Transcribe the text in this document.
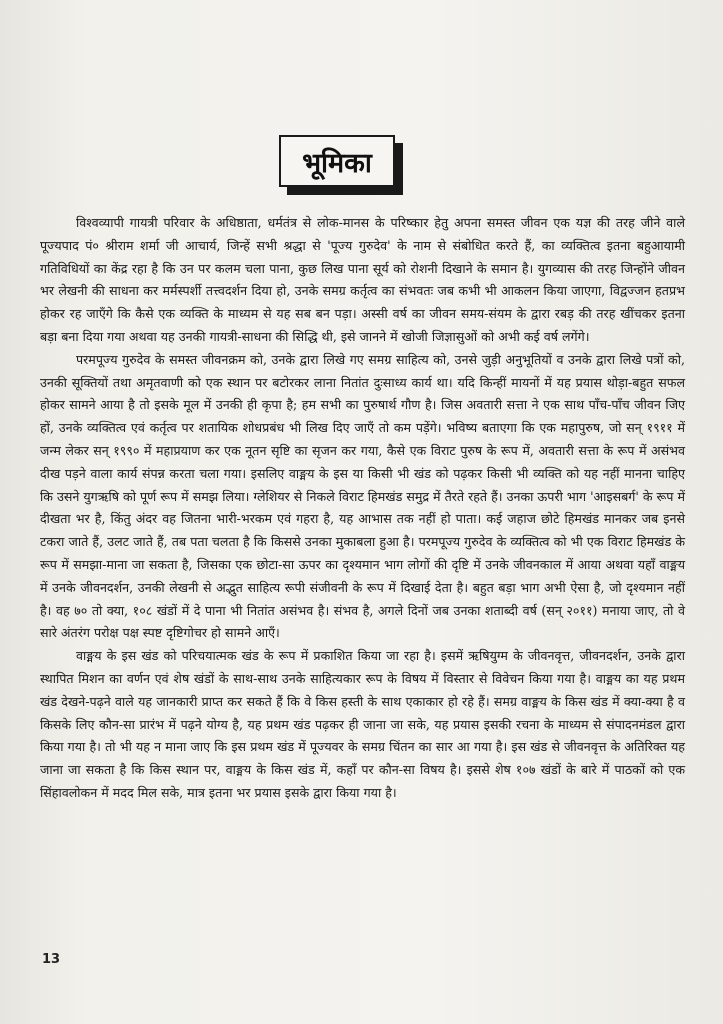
भूमिका

विश्वव्यापी गायत्री परिवार के अधिष्ठाता, धर्मतंत्र से लोक-मानस के परिष्कार हेतु अपना समस्त जीवन एक यज्ञ की तरह जीने वाले पूज्यपाद पं० श्रीराम शर्मा जी आचार्य, जिन्हें सभी श्रद्धा से 'पूज्य गुरुदेव' के नाम से संबोधित करते हैं, का व्यक्तित्व इतना बहुआयामी गतिविधियों का केंद्र रहा है कि उन पर कलम चला पाना, कुछ लिख पाना सूर्य को रोशनी दिखाने के समान है। युगव्यास की तरह जिन्होंने जीवन भर लेखनी की साधना कर मर्मस्पर्शी तत्त्वदर्शन दिया हो, उनके समग्र कर्तृत्व का संभवतः जब कभी भी आकलन किया जाएगा, विद्वज्जन हतप्रभ होकर रह जाएँगे कि कैसे एक व्यक्ति के माध्यम से यह सब बन पड़ा। अस्सी वर्ष का जीवन समय-संयम के द्वारा रबड़ की तरह खींचकर इतना बड़ा बना दिया गया अथवा यह उनकी गायत्री-साधना की सिद्धि थी, इसे जानने में खोजी जिज्ञासुओं को अभी कई वर्ष लगेंगे।

परमपूज्य गुरुदेव के समस्त जीवनक्रम को, उनके द्वारा लिखे गए समग्र साहित्य को, उनसे जुड़ी अनुभूतियों व उनके द्वारा लिखे पत्रों को, उनकी सूक्तियों तथा अमृतवाणी को एक स्थान पर बटोरकर लाना नितांत दुःसाध्य कार्य था। यदि किन्हीं मायनों में यह प्रयास थोड़ा-बहुत सफल होकर सामने आया है तो इसके मूल में उनकी ही कृपा है; हम सभी का पुरुषार्थ गौण है। जिस अवतारी सत्ता ने एक साथ पाँच-पाँच जीवन जिए हों, उनके व्यक्तित्व एवं कर्तृत्व पर शतायिक शोधप्रबंध भी लिख दिए जाएँ तो कम पड़ेंगे। भविष्य बताएगा कि एक महापुरुष, जो सन् १९११ में जन्म लेकर सन् १९९० में महाप्रयाण कर एक नूतन सृष्टि का सृजन कर गया, कैसे एक विराट पुरुष के रूप में, अवतारी सत्ता के रूप में असंभव दीख पड़ने वाला कार्य संपन्न करता चला गया। इसलिए वाङ्मय के इस या किसी भी खंड को पढ़कर किसी भी व्यक्ति को यह नहीं मानना चाहिए कि उसने युगऋषि को पूर्ण रूप में समझ लिया। ग्लेशियर से निकले विराट हिमखंड समुद्र में तैरते रहते हैं। उनका ऊपरी भाग 'आइसबर्ग' के रूप में दीखता भर है, किंतु अंदर वह जितना भारी-भरकम एवं गहरा है, यह आभास तक नहीं हो पाता। कई जहाज छोटे हिमखंड मानकर जब इनसे टकरा जाते हैं, उलट जाते हैं, तब पता चलता है कि किससे उनका मुकाबला हुआ है। परमपूज्य गुरुदेव के व्यक्तित्व को भी एक विराट हिमखंड के रूप में समझा-माना जा सकता है, जिसका एक छोटा-सा ऊपर का दृश्यमान भाग लोगों की दृष्टि में उनके जीवनकाल में आया अथवा यहाँ वाङ्मय में उनके जीवनदर्शन, उनकी लेखनी से अद्भुत साहित्य रूपी संजीवनी के रूप में दिखाई देता है। बहुत बड़ा भाग अभी ऐसा है, जो दृश्यमान नहीं है। वह ७० तो क्या, १०८ खंडों में दे पाना भी नितांत असंभव है। संभव है, अगले दिनों जब उनका शताब्दी वर्ष (सन् २०११) मनाया जाए, तो वे सारे अंतरंग परोक्ष पक्ष स्पष्ट दृष्टिगोचर हो सामने आएँ।

वाङ्मय के इस खंड को परिचयात्मक खंड के रूप में प्रकाशित किया जा रहा है। इसमें ऋषियुग्म के जीवनवृत्त, जीवनदर्शन, उनके द्वारा स्थापित मिशन का वर्णन एवं शेष खंडों के साथ-साथ उनके साहित्यकार रूप के विषय में विस्तार से विवेचन किया गया है। वाङ्मय का यह प्रथम खंड देखने-पढ़ने वाले यह जानकारी प्राप्त कर सकते हैं कि वे किस हस्ती के साथ एकाकार हो रहे हैं। समग्र वाङ्मय के किस खंड में क्या-क्या है व किसके लिए कौन-सा प्रारंभ में पढ़ने योग्य है, यह प्रथम खंड पढ़कर ही जाना जा सके, यह प्रयास इसकी रचना के माध्यम से संपादनमंडल द्वारा किया गया है। तो भी यह न माना जाए कि इस प्रथम खंड में पूज्यवर के समग्र चिंतन का सार आ गया है। इस खंड से जीवनवृत्त के अतिरिक्त यह जाना जा सकता है कि किस स्थान पर, वाङ्मय के किस खंड में, कहाँ पर कौन-सा विषय है। इससे शेष १०७ खंडों के बारे में पाठकों को एक सिंहावलोकन में मदद मिल सके, मात्र इतना भर प्रयास इसके द्वारा किया गया है।

13
